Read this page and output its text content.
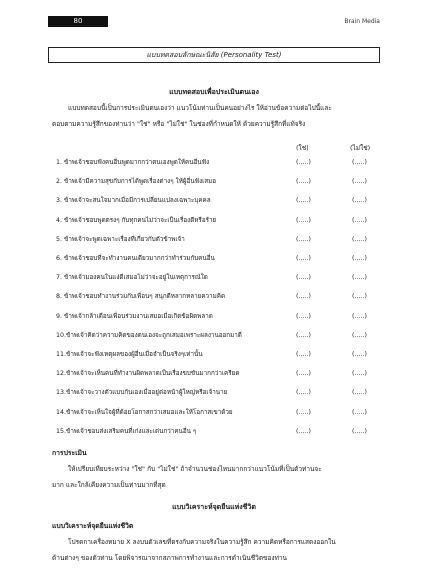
80	Brain Media
แบบทดสอบลักษณะนิสัย (Personality Test)
แบบทดสอบเพื่อประเมินตนเอง
แบบทดสอบนี้เป็นการประเมินตนเองว่า แนวโน้มท่านเป็นคนอย่างไร ให้อ่านข้อความต่อไปนี้และ
ตอบตามความรู้สึกของท่านว่า "ใช่" หรือ "ไม่ใช่" ในช่องที่กำหนดให้ ด้วยความรู้สึกที่แท้จริง
(ใช่)	(ไม่ใช่)
1. ข้าพเจ้าชอบฟังคนอื่นพูดมากกว่าตนเองพูดให้คนอื่นฟัง	(.....)	(.....)
2. ข้าพเจ้ามีความสุขกับการได้พูดเรื่องต่างๆ ให้ผู้อื่นฟังเสมอ	(.....)	(.....)
3. ข้าพเจ้าจะสนใจมากเมื่อมีการเปลี่ยนแปลงเฉพาะบุคคล	(.....)	(.....)
4. ข้าพเจ้าชอบพูดตรงๆ กับทุกคนไม่ว่าจะเป็นเรื่องดีหรือร้าย	(.....)	(.....)
5. ข้าพเจ้าจะพูดเฉพาะเรื่องที่เกี่ยวกับตัวข้าพเจ้า	(.....)	(.....)
6. ข้าพเจ้าชอบที่จะทำงานคนเดียวมากกว่าทำร่วมกับคนอื่น	(.....)	(.....)
7. ข้าพเจ้ามองคนในแง่ดีเสมอไม่ว่าจะอยู่ในเหตุการณ์ใด	(.....)	(.....)
8. ข้าพเจ้าชอบทำงานร่วมกับเพื่อนๆ สนุกดีหลากหลายความคิด	(.....)	(.....)
9. ข้าพเจ้ากล้าเตือนเพื่อนร่วมงานเสมอเมื่อเกิดข้อผิดพลาด	(.....)	(.....)
10.ข้าพเจ้าคิดว่าความคิดของตนเองจะถูกเสมอเพราะผลงานออกมาดี	(.....)	(.....)
11.ข้าพเจ้าจะฟังเหตุผลของผู้อื่นเมื่อจำเป็นจริงๆเท่านั้น	(.....)	(.....)
12.ข้าพเจ้าจะเห็นคนที่ทำงานผิดพลาดเป็นเรื่องขบขันมากกว่าเครียด	(.....)	(.....)
13.ข้าพเจ้าจะวางตัวแบบกันเองเมื่ออยู่ต่อหน้าผู้ใหญ่หรือเจ้านาย	(.....)	(.....)
14.ข้าพเจ้าจะเห็นใจผู้ที่ด้อยโอกาสกว่าเสมอและให้โอกาสเขาด้วย	(.....)	(.....)
15.ข้าพเจ้าชอบส่งเสริมคนที่เก่งและเด่นกว่าคนอื่น ๆ	(.....)	(.....)
การประเมิน
ให้เปรียบเทียบระหว่าง "ใช่" กับ "ไม่ใช่" ถ้าจำนวนช่องไหนมากกว่าแนวโน้มที่เป็นตัวท่านจะ
มาก และใกล้เคียงความเป็นท่านมากที่สุด
แบบวิเคราะห์จุดยืนแห่งชีวิต
แบบวิเคราะห์จุดยืนแห่งชีวิต
โปรดกาเครื่องหมาย X ลงบนตัวเลขที่ตรงกับความจริงในความรู้สึก ความคิดหรือการแสดงออกใน
ด้านต่างๆ ของตัวท่าน โดยพิจารณาจากสภาพการทำงานและการดำเนินชีวิตของท่าน
